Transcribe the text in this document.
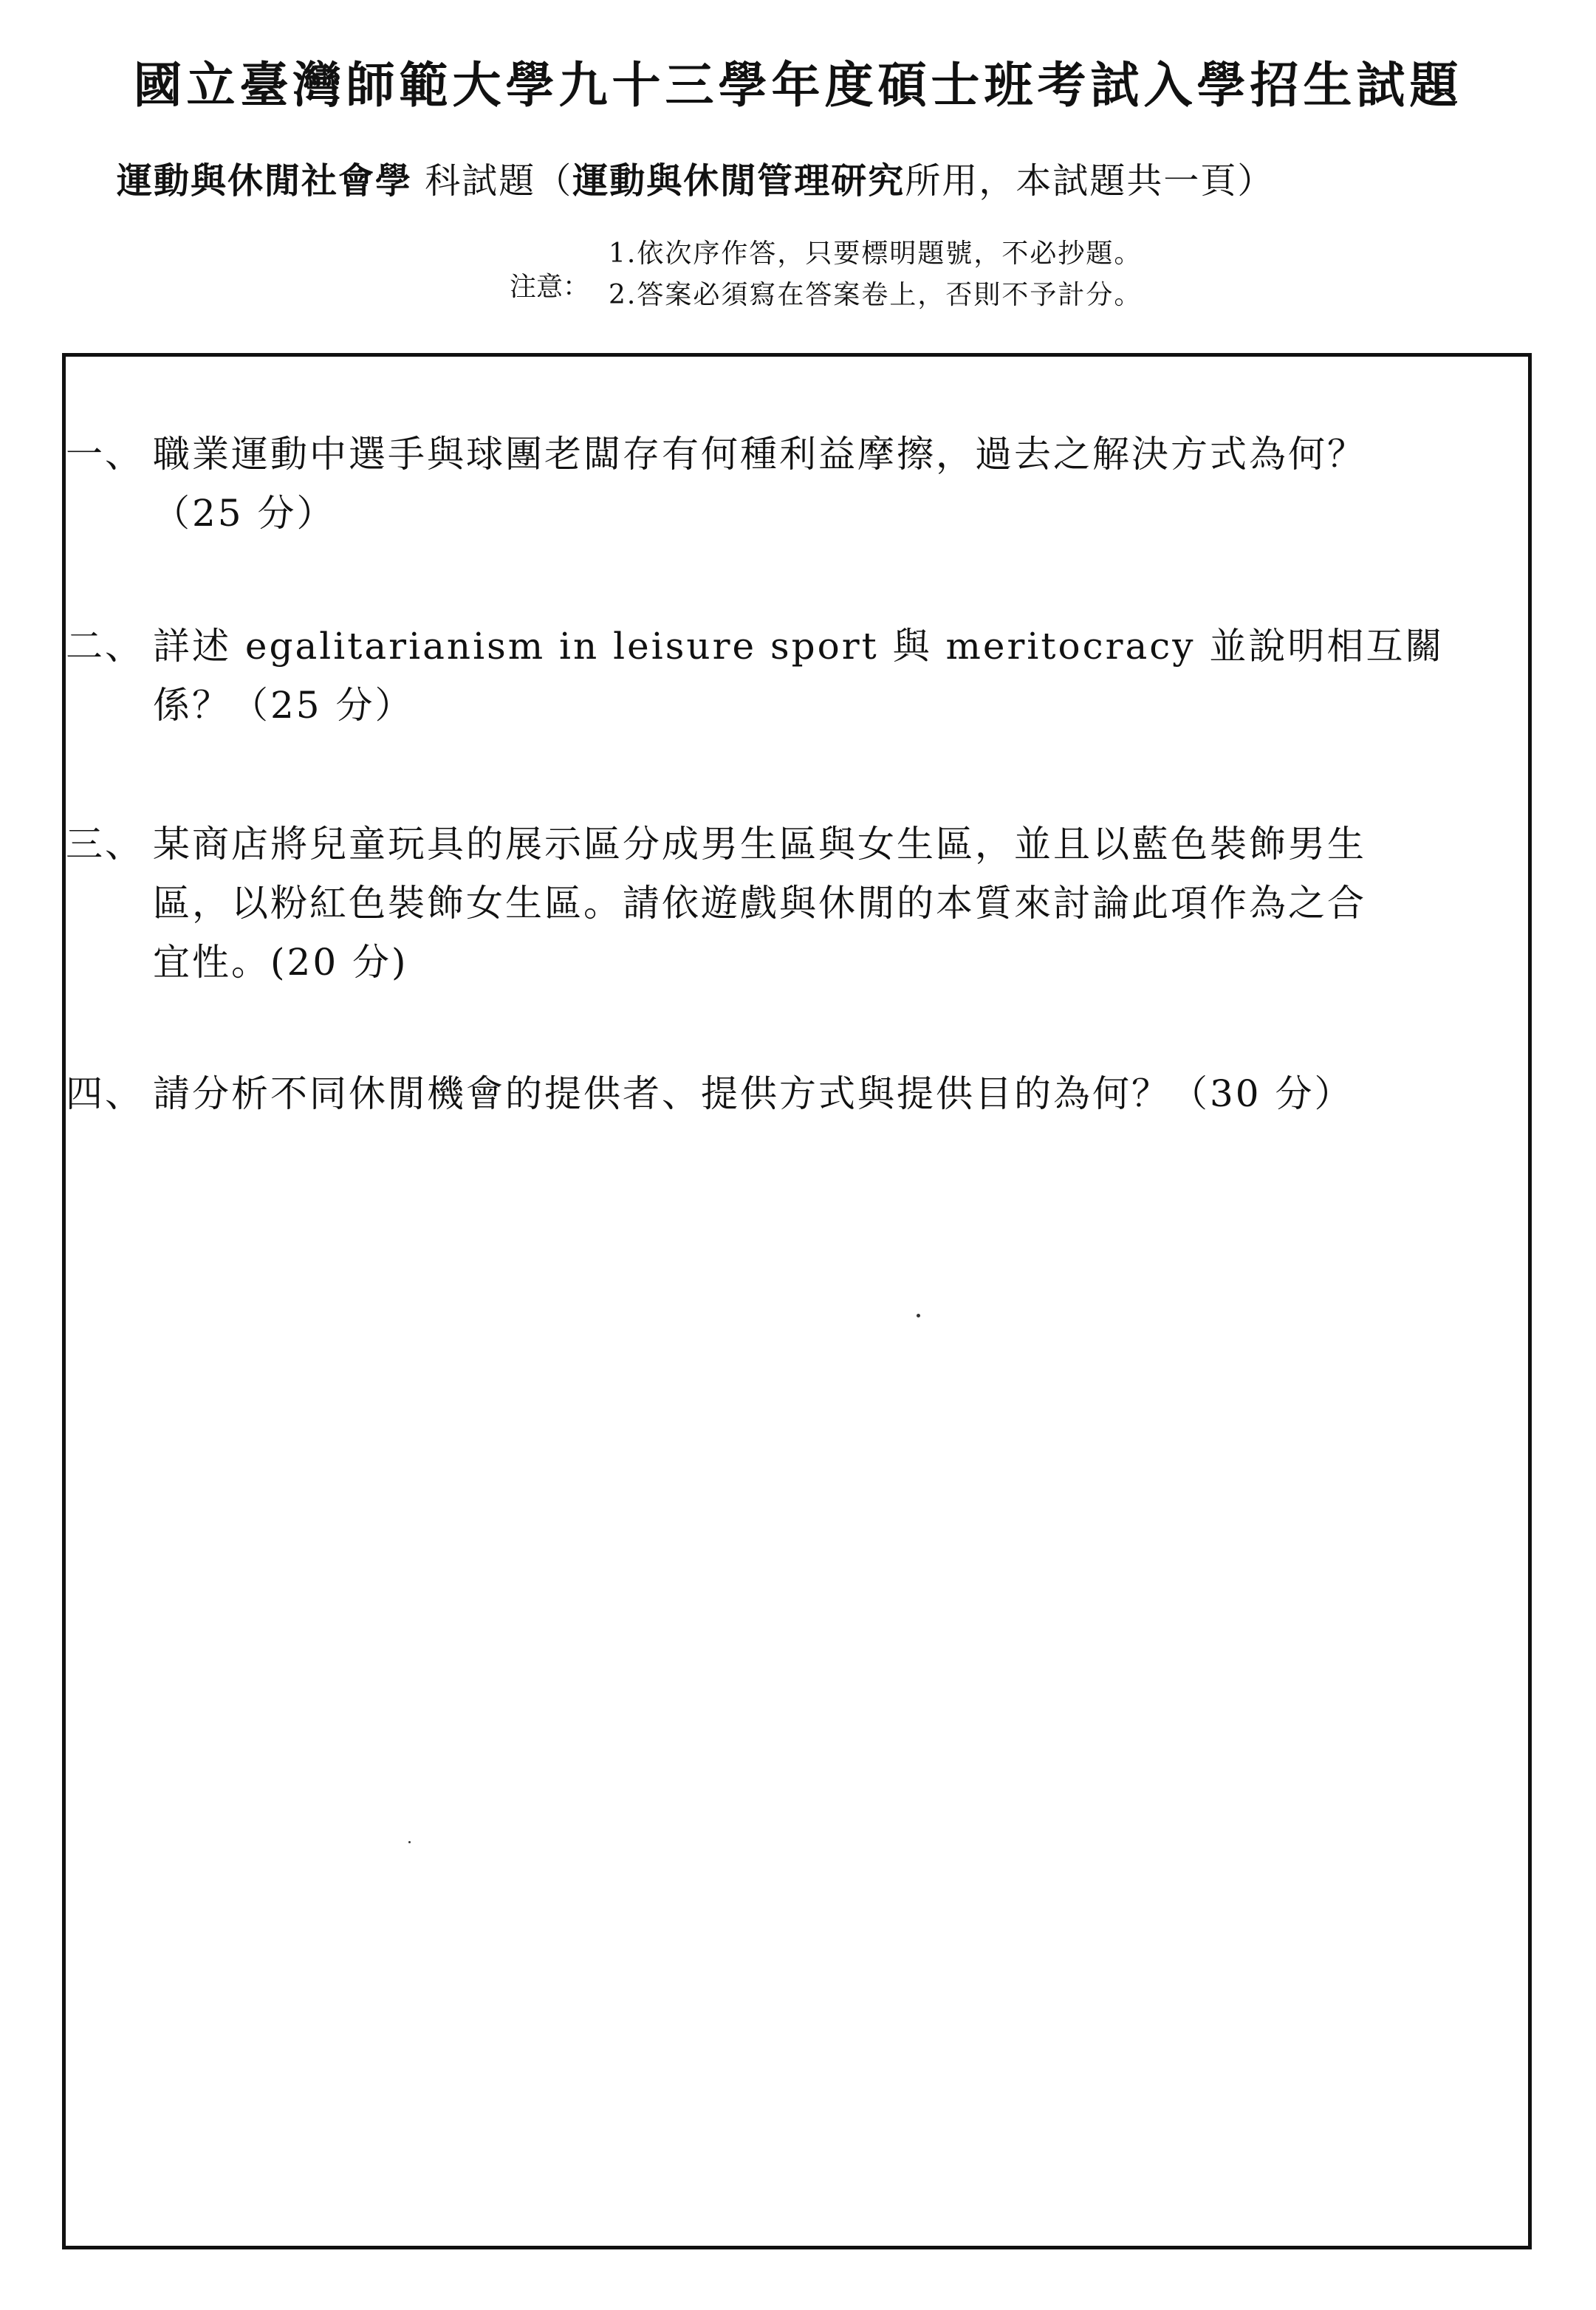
國立臺灣師範大學九十三學年度碩士班考試入學招生試題
運動與休閒社會學 科試題（運動與休閒管理研究所用，本試題共一頁）
注意：
1.依次序作答，只要標明題號，不必抄題。
2.答案必須寫在答案卷上，否則不予計分。
一、 職業運動中選手與球團老闆存有何種利益摩擦，過去之解決方式為何？
（25 分）
二、 詳述 egalitarianism in leisure sport 與 meritocracy 並說明相互關
係？（25 分）
三、 某商店將兒童玩具的展示區分成男生區與女生區，並且以藍色裝飾男生
區，以粉紅色裝飾女生區。請依遊戲與休閒的本質來討論此項作為之合
宜性。(20 分)
四、 請分析不同休閒機會的提供者、提供方式與提供目的為何？（30 分）
